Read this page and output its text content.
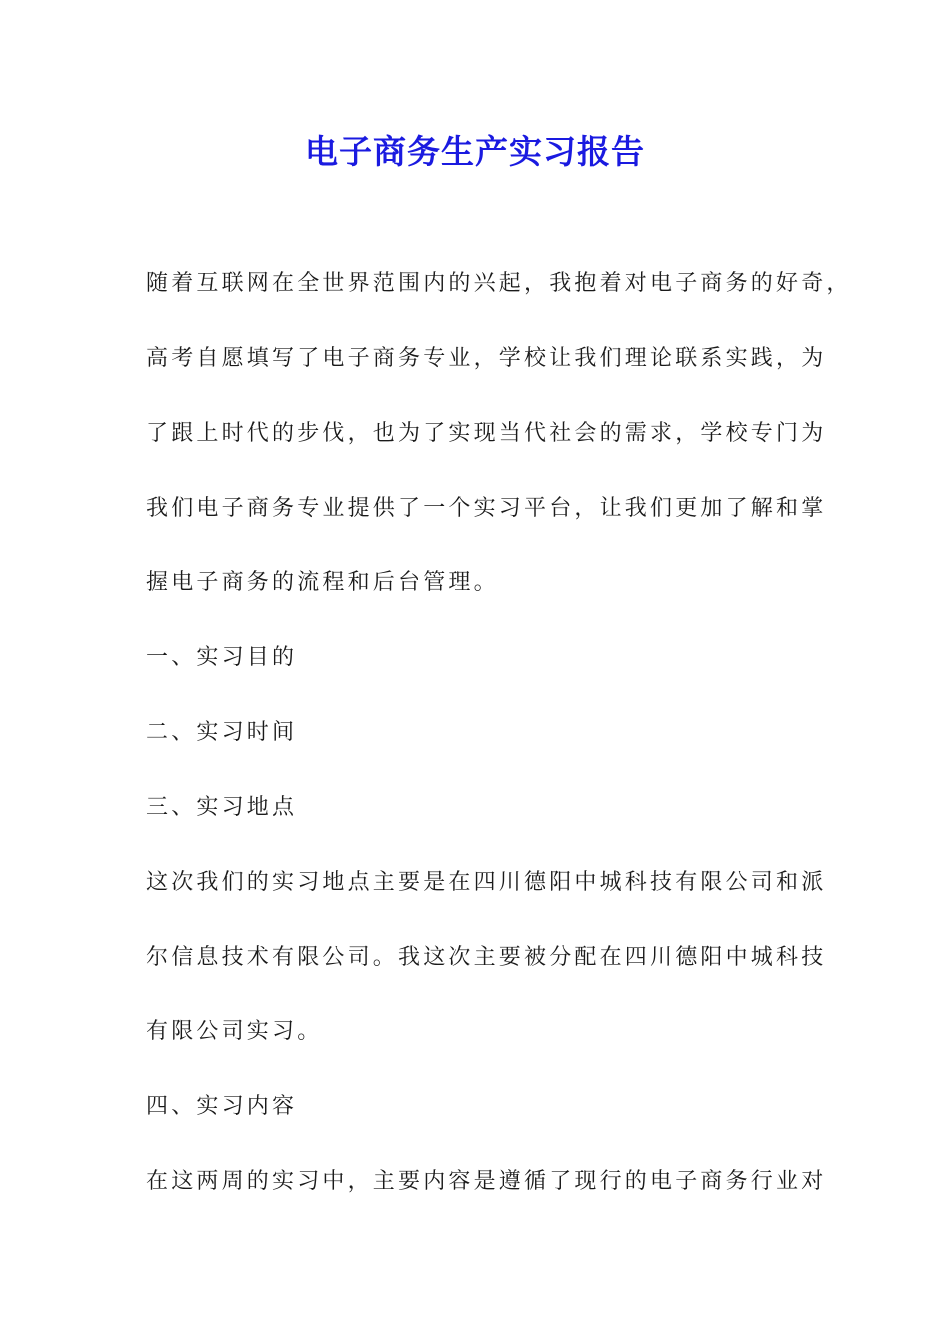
电子商务生产实习报告

随着互联网在全世界范围内的兴起，我抱着对电子商务的好奇，

高考自愿填写了电子商务专业，学校让我们理论联系实践，为

了跟上时代的步伐，也为了实现当代社会的需求，学校专门为

我们电子商务专业提供了一个实习平台，让我们更加了解和掌

握电子商务的流程和后台管理。

一、实习目的

二、实习时间

三、实习地点

这次我们的实习地点主要是在四川德阳中城科技有限公司和派

尔信息技术有限公司。我这次主要被分配在四川德阳中城科技

有限公司实习。

四、实习内容

在这两周的实习中，主要内容是遵循了现行的电子商务行业对
